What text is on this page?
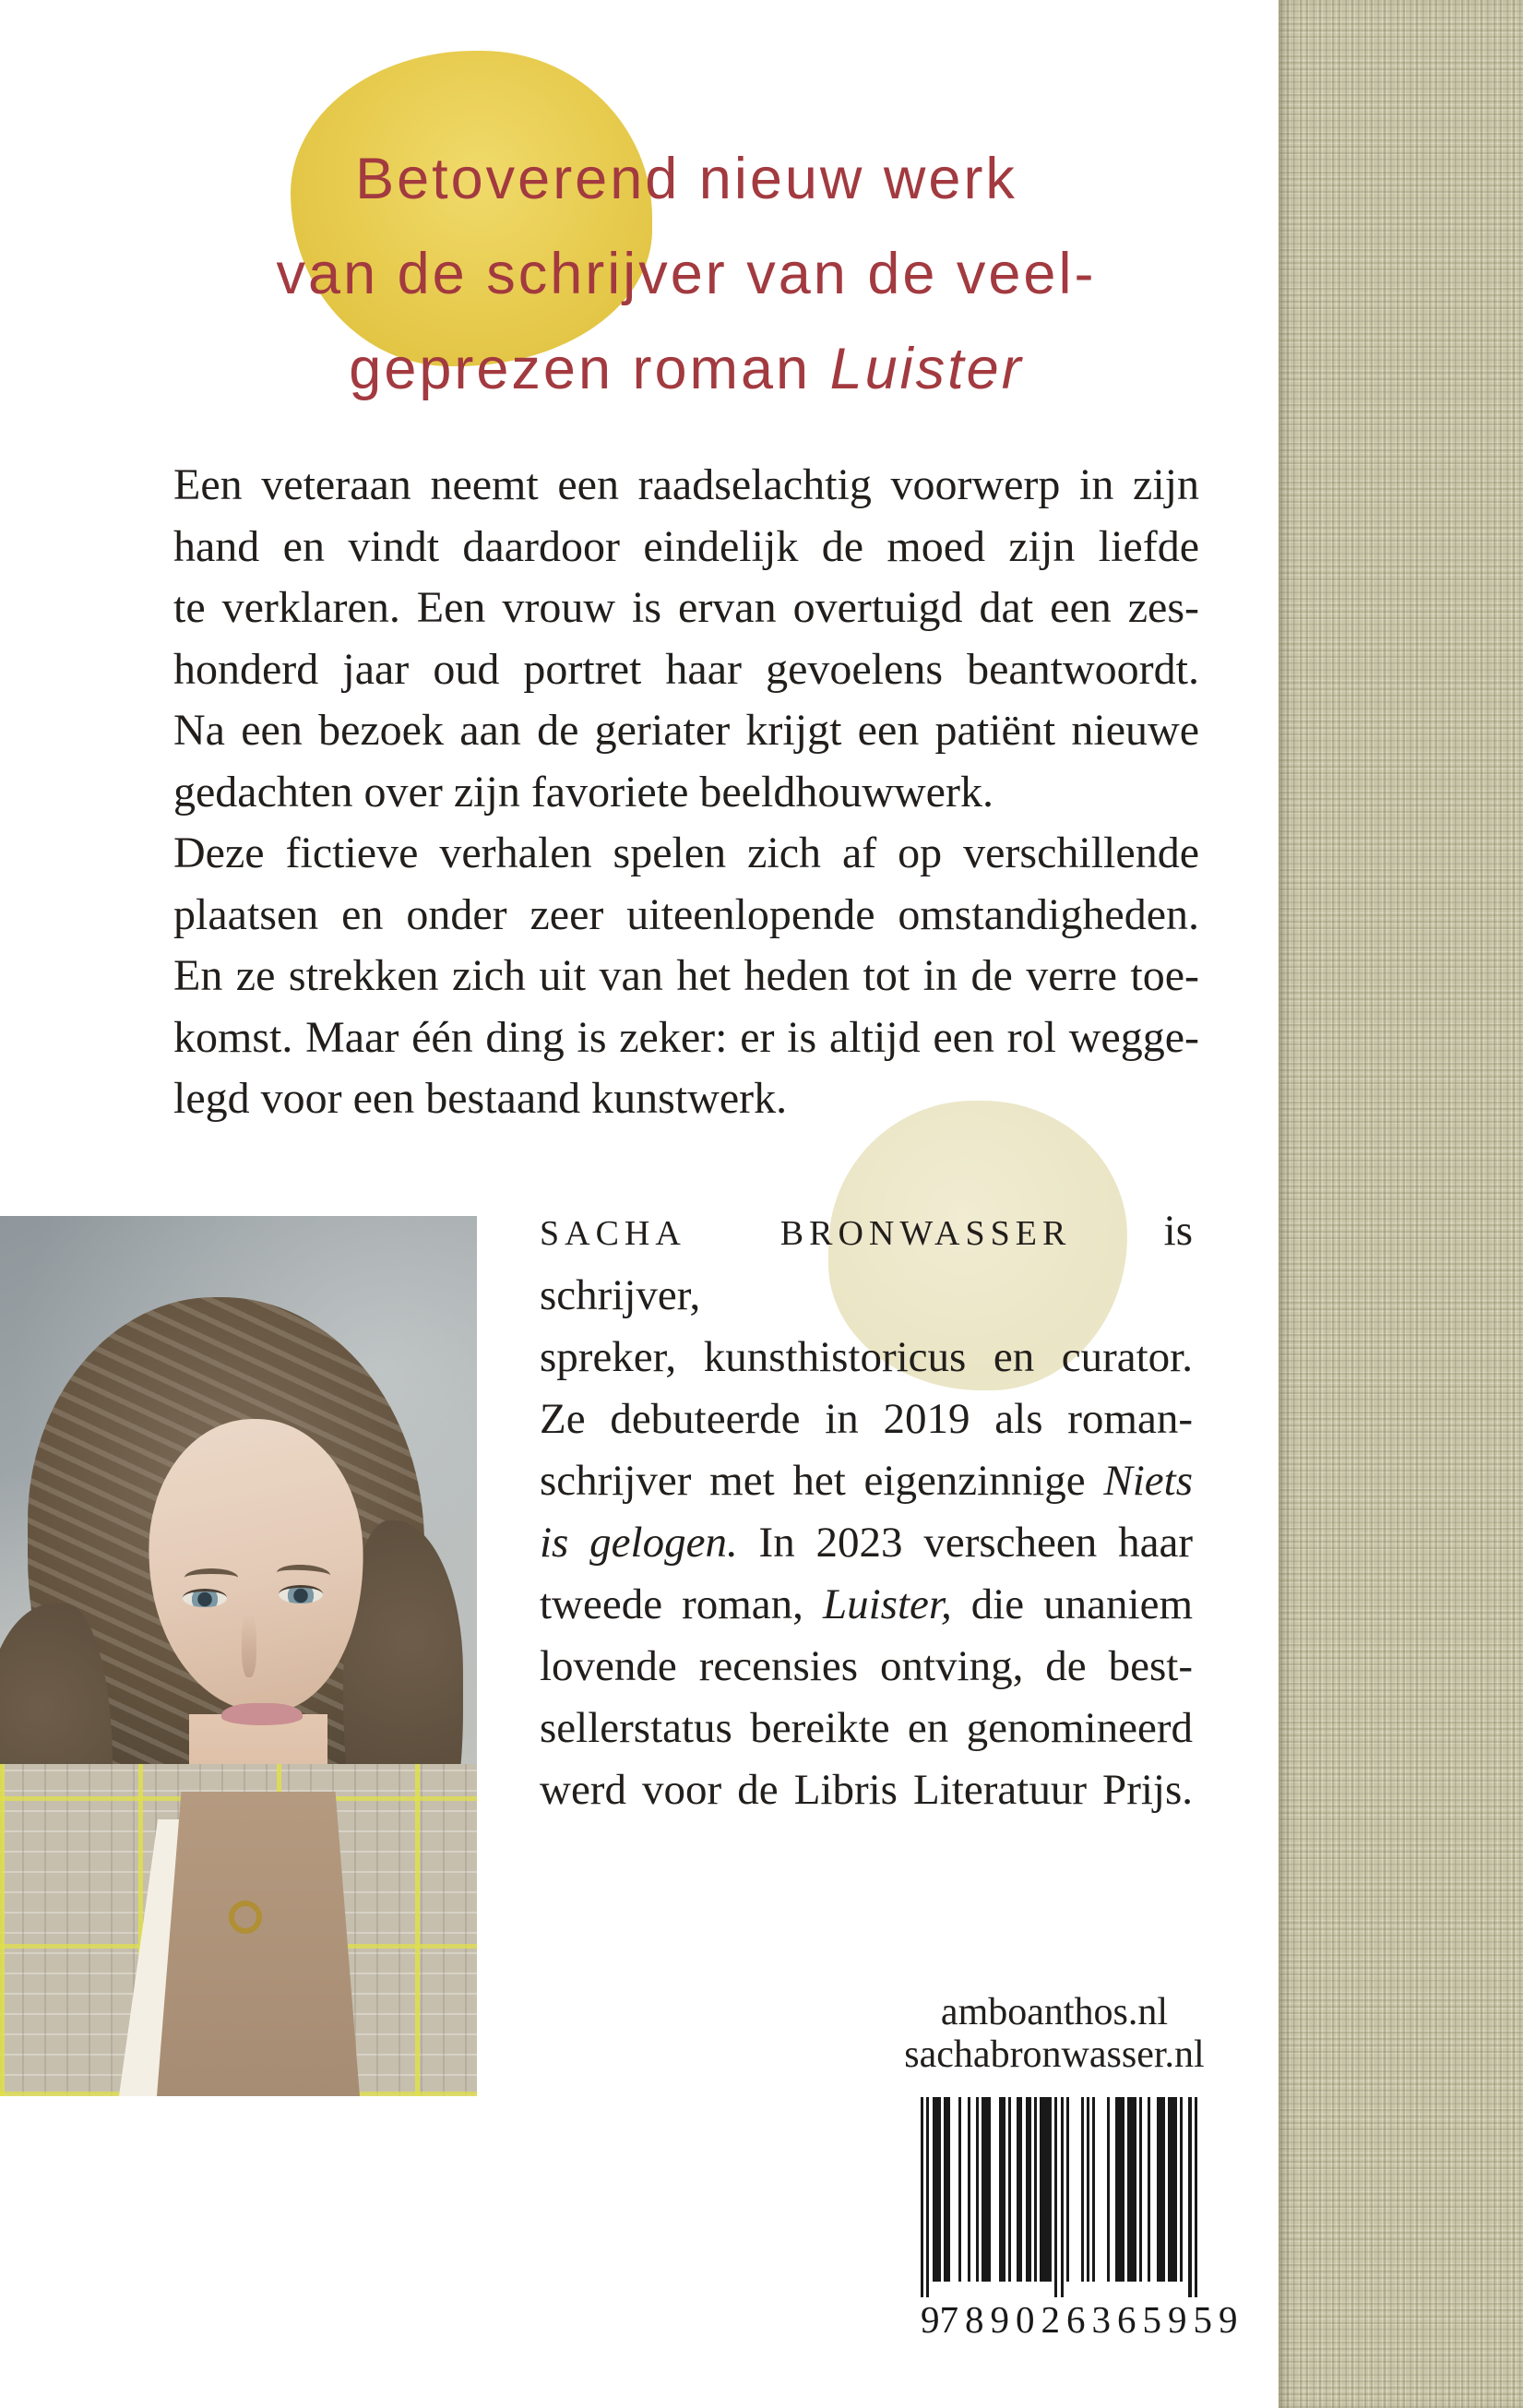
Betoverend nieuw werk
van de schrijver van de veel-
geprezen roman Luister
Een veteraan neemt een raadselachtig voorwerp in zijn
hand en vindt daardoor eindelijk de moed zijn liefde
te verklaren. Een vrouw is ervan overtuigd dat een zes-
honderd jaar oud portret haar gevoelens beantwoordt.
Na een bezoek aan de geriater krijgt een patiënt nieuwe
gedachten over zijn favoriete beeldhouwwerk.
Deze fictieve verhalen spelen zich af op verschillende
plaatsen en onder zeer uiteenlopende omstandigheden.
En ze strekken zich uit van het heden tot in de verre toe-
komst. Maar één ding is zeker: er is altijd een rol wegge-
legd voor een bestaand kunstwerk.
SACHA BRONWASSER is schrijver,
spreker, kunsthistoricus en curator.
Ze debuteerde in 2019 als roman-
schrijver met het eigenzinnige Niets
is gelogen. In 2023 verscheen haar
tweede roman, Luister, die unaniem
lovende recensies ontving, de best-
sellerstatus bereikte en genomineerd
werd voor de Libris Literatuur Prijs.
amboanthos.nl
sachabronwasser.nl
9 789026 365959
